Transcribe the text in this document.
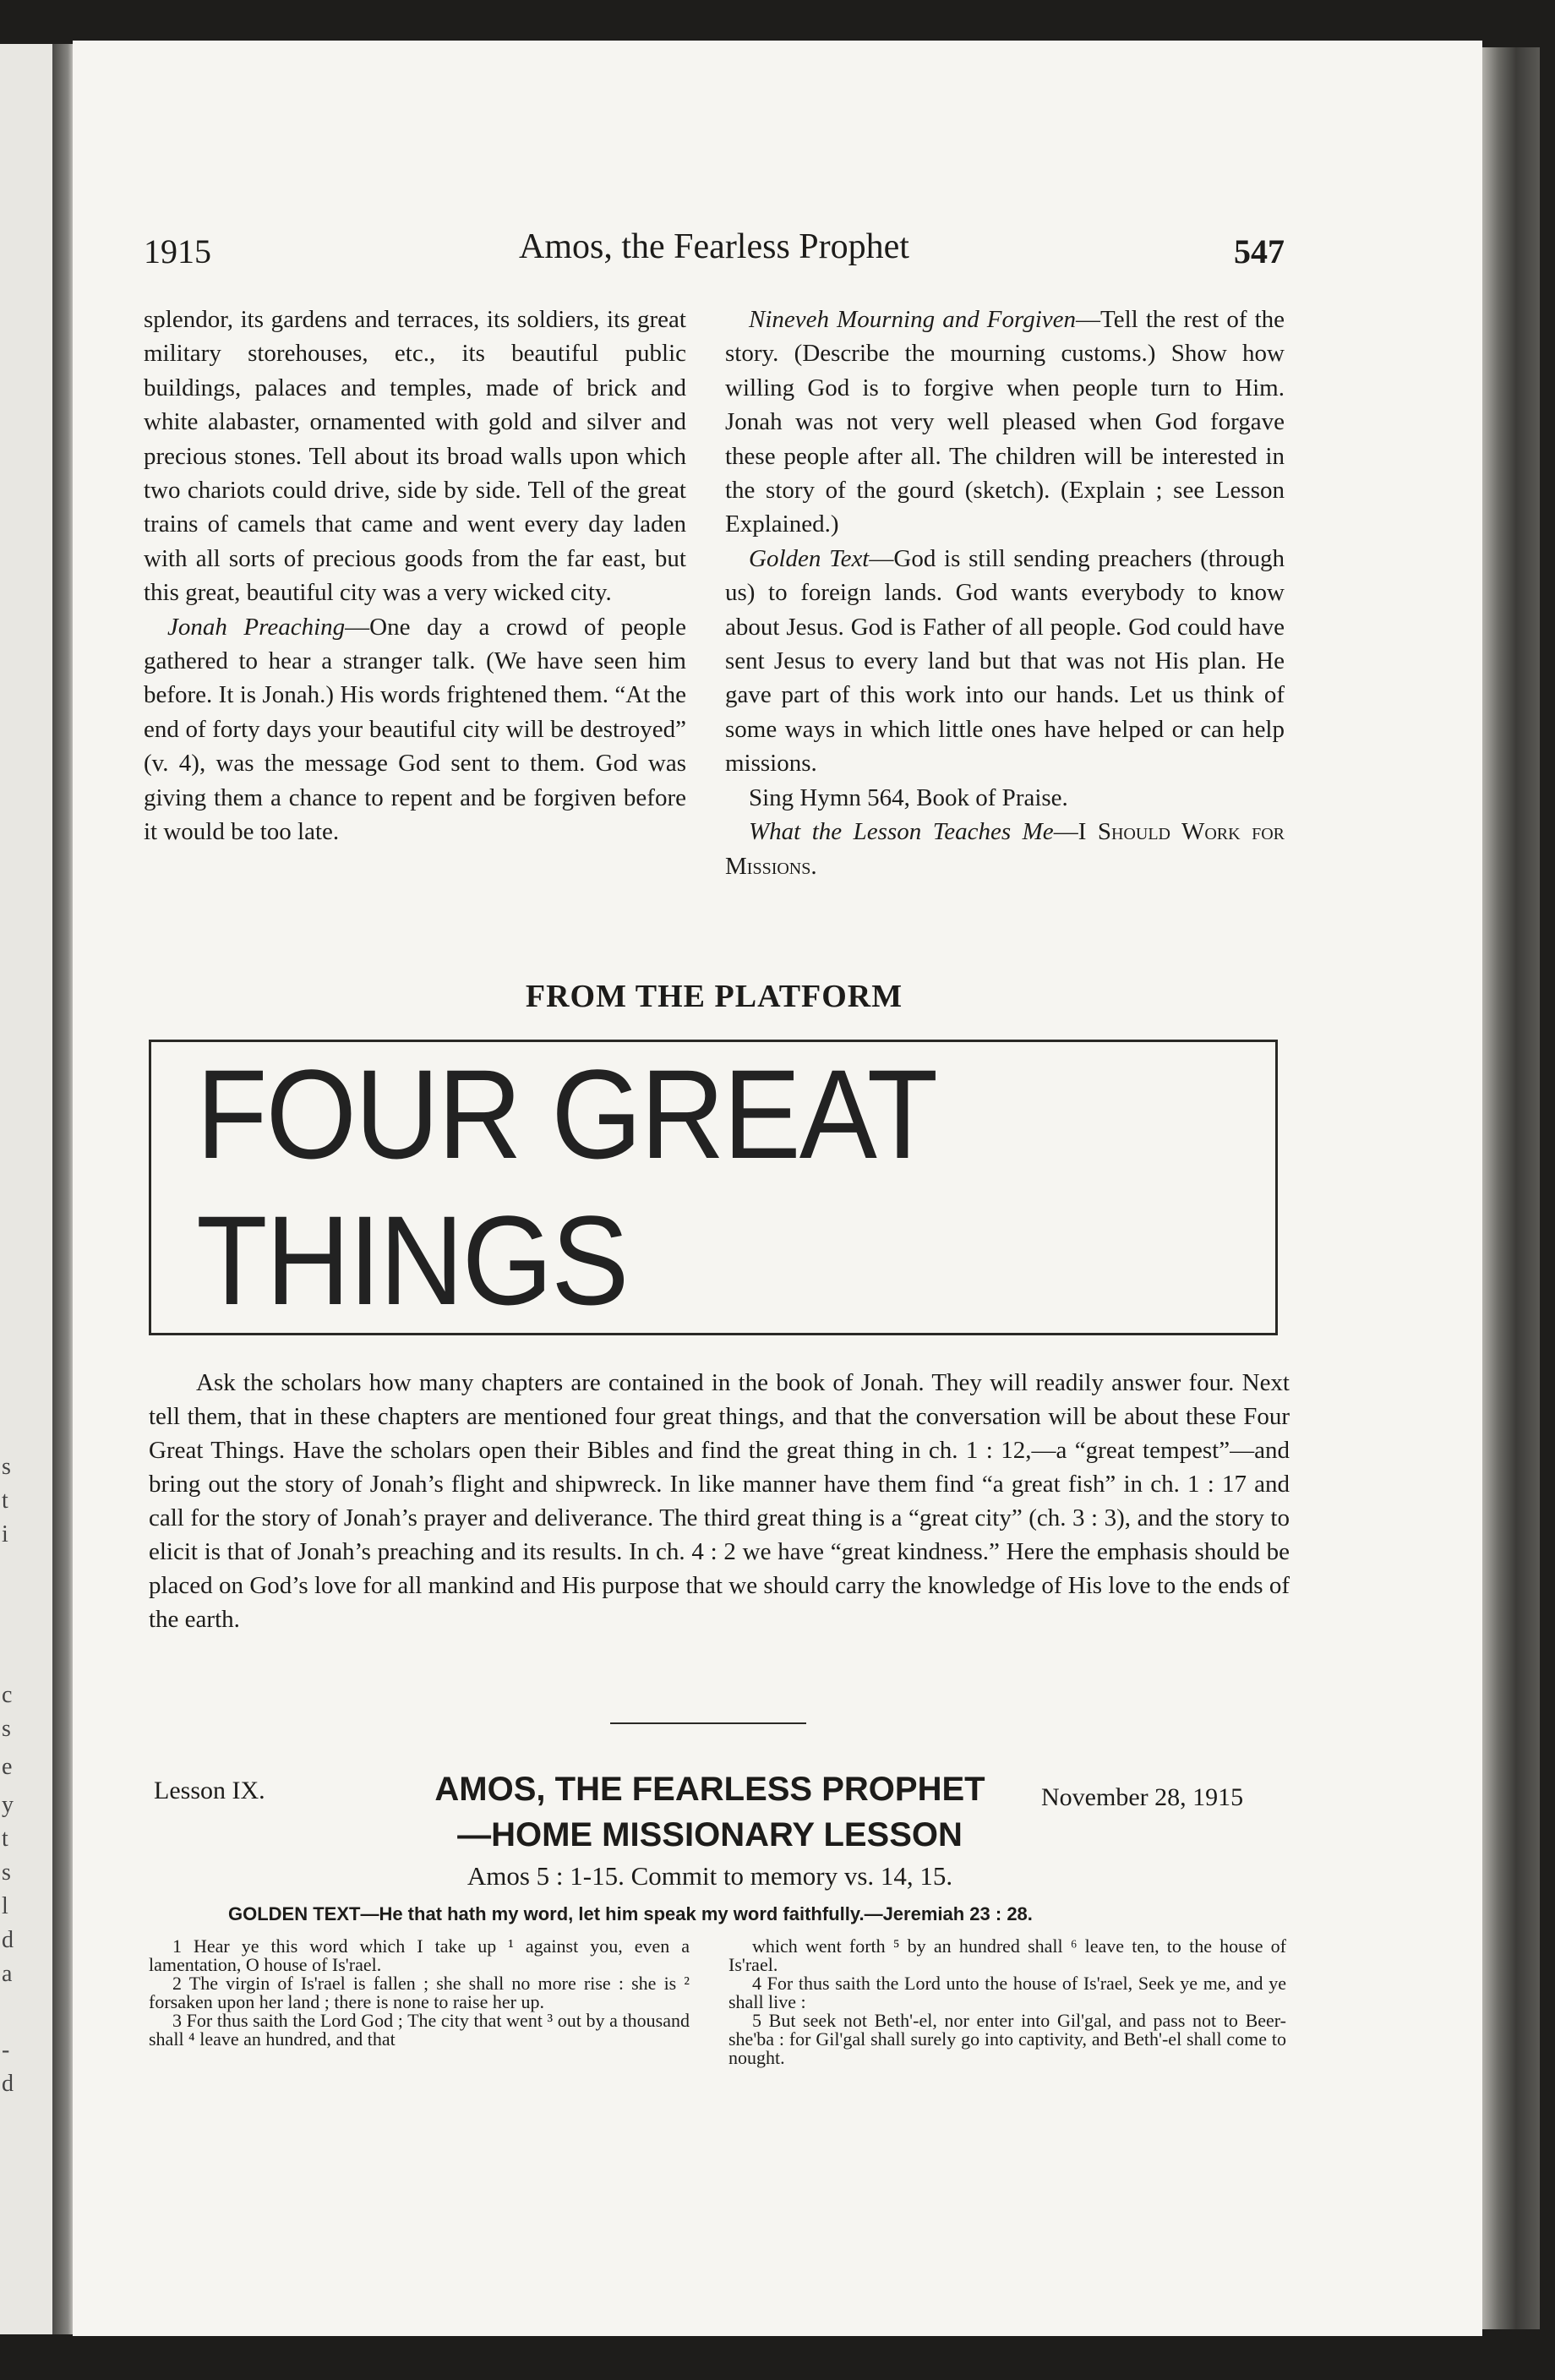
s
t
i
c
s
e
y
t
s
l
d
a
-
d
1915	Amos, the Fearless Prophet	547

splendor, its gardens and terraces, its soldiers, its great military storehouses, etc., its beautiful public buildings, palaces and temples, made of brick and white alabaster, ornamented with gold and silver and precious stones. Tell about its broad walls upon which two chariots could drive, side by side. Tell of the great trains of camels that came and went every day laden with all sorts of precious goods from the far east, but this great, beautiful city was a very wicked city.

Jonah Preaching—One day a crowd of people gathered to hear a stranger talk. (We have seen him before. It is Jonah.) His words frightened them. “At the end of forty days your beautiful city will be destroyed” (v. 4), was the message God sent to them. God was giving them a chance to repent and be forgiven before it would be too late.

Nineveh Mourning and Forgiven—Tell the rest of the story. (Describe the mourning customs.) Show how willing God is to forgive when people turn to Him. Jonah was not very well pleased when God forgave these people after all. The children will be interested in the story of the gourd (sketch). (Explain ; see Lesson Explained.)

Golden Text—God is still sending preachers (through us) to foreign lands. God wants everybody to know about Jesus. God is Father of all people. God could have sent Jesus to every land but that was not His plan. He gave part of this work into our hands. Let us think of some ways in which little ones have helped or can help missions.

Sing Hymn 564, Book of Praise.

What the Lesson Teaches Me—I Should Work for Missions.

FROM THE PLATFORM
FOUR GREAT THINGS

Ask the scholars how many chapters are contained in the book of Jonah. They will readily answer four. Next tell them, that in these chapters are mentioned four great things, and that the conversation will be about these Four Great Things. Have the scholars open their Bibles and find the great thing in ch. 1 : 12,—a “great tempest”—and bring out the story of Jonah’s flight and shipwreck. In like manner have them find “a great fish” in ch. 1 : 17 and call for the story of Jonah’s prayer and deliverance. The third great thing is a “great city” (ch. 3 : 3), and the story to elicit is that of Jonah’s preaching and its results. In ch. 4 : 2 we have “great kindness.” Here the emphasis should be placed on God’s love for all mankind and His purpose that we should carry the knowledge of His love to the ends of the earth.

Lesson IX.	AMOS, THE FEARLESS PROPHET
—HOME MISSIONARY LESSON
November 28, 1915
Amos 5 : 1-15. Commit to memory vs. 14, 15.
GOLDEN TEXT—He that hath my word, let him speak my word faithfully.—Jeremiah 23 : 28.

1 Hear ye this word which I take up ¹ against you, even a lamentation, O house of Is'rael.

2 The virgin of Is'rael is fallen ; she shall no more rise : she is ² forsaken upon her land ; there is none to raise her up.

3 For thus saith the Lord God ; The city that went ³ out by a thousand shall ⁴ leave an hundred, and that

which went forth ⁵ by an hundred shall ⁶ leave ten, to the house of Is'rael.

4 For thus saith the Lord unto the house of Is'rael, Seek ye me, and ye shall live :

5 But seek not Beth'-el, nor enter into Gil'gal, and pass not to Beer-she'ba : for Gil'gal shall surely go into captivity, and Beth'-el shall come to nought.
